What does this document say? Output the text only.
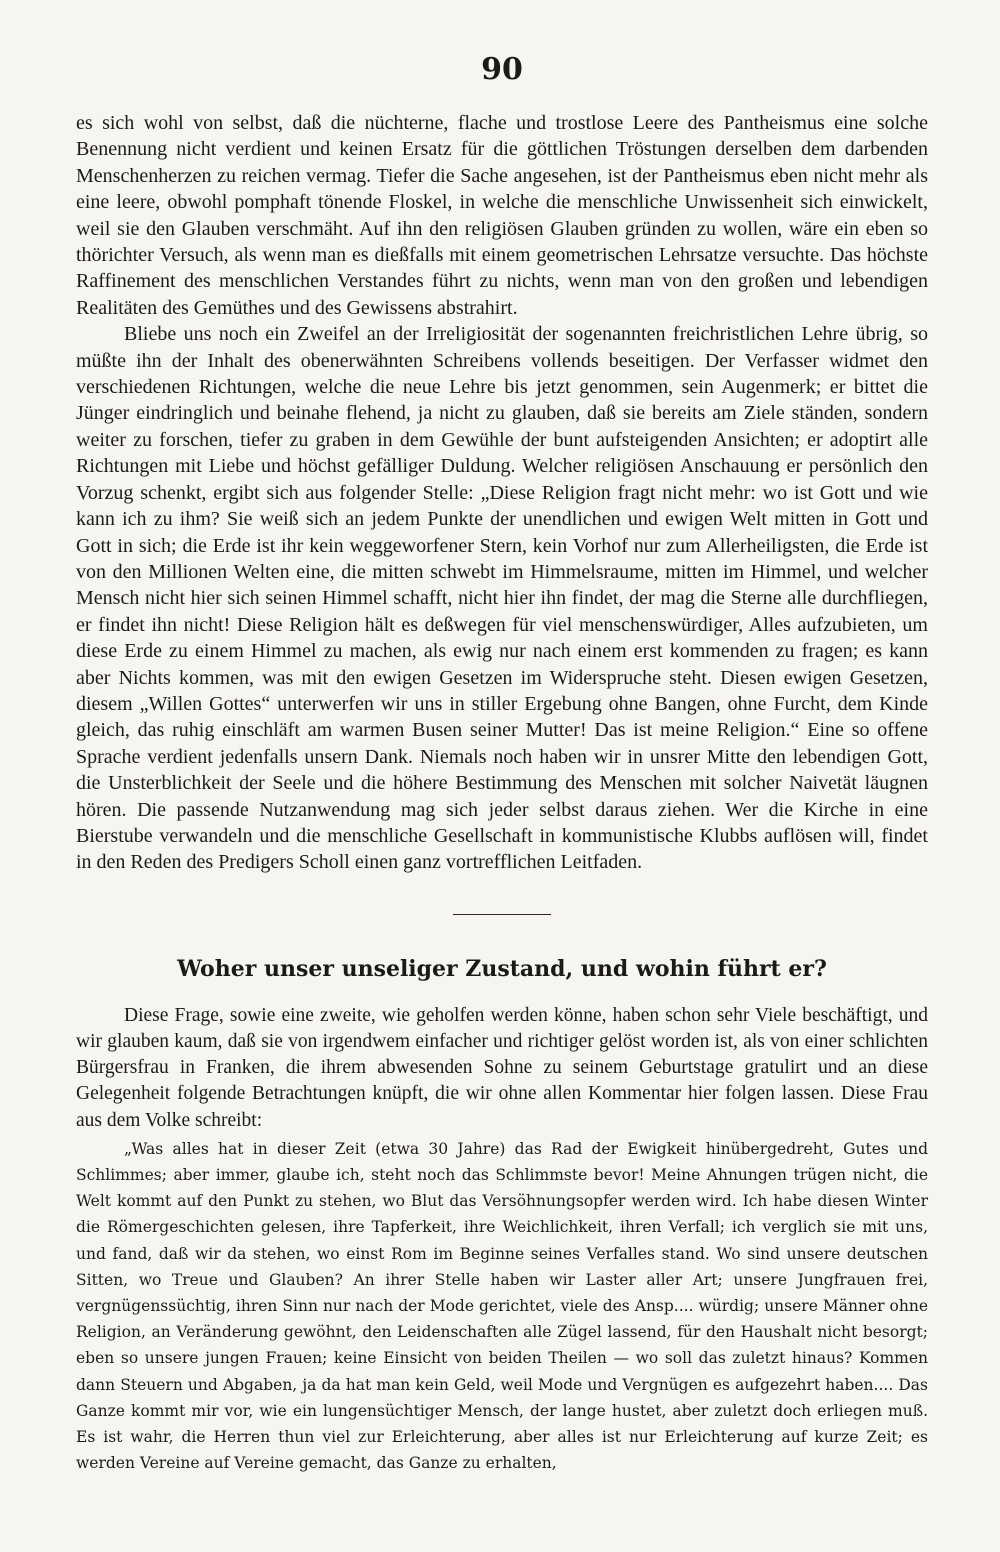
90

es sich wohl von selbst, daß die nüchterne, flache und trostlose Leere des Pantheismus eine solche Benennung nicht verdient und keinen Ersatz für die göttlichen Tröstungen derselben dem darbenden Menschenherzen zu reichen vermag. Tiefer die Sache angesehen, ist der Pantheismus eben nicht mehr als eine leere, obwohl pomphaft tönende Floskel, in welche die menschliche Unwissenheit sich einwickelt, weil sie den Glauben verschmäht. Auf ihn den religiösen Glauben gründen zu wollen, wäre ein eben so thörichter Versuch, als wenn man es dießfalls mit einem geometrischen Lehrsatze versuchte. Das höchste Raffinement des menschlichen Verstandes führt zu nichts, wenn man von den großen und lebendigen Realitäten des Gemüthes und des Gewissens abstrahirt.

Bliebe uns noch ein Zweifel an der Irreligiosität der sogenannten freichristlichen Lehre übrig, so müßte ihn der Inhalt des obenerwähnten Schreibens vollends beseitigen. Der Verfasser widmet den verschiedenen Richtungen, welche die neue Lehre bis jetzt genommen, sein Augenmerk; er bittet die Jünger eindringlich und beinahe flehend, ja nicht zu glauben, daß sie bereits am Ziele ständen, sondern weiter zu forschen, tiefer zu graben in dem Gewühle der bunt aufsteigenden Ansichten; er adoptirt alle Richtungen mit Liebe und höchst gefälliger Duldung. Welcher religiösen Anschauung er persönlich den Vorzug schenkt, ergibt sich aus folgender Stelle: „Diese Religion fragt nicht mehr: wo ist Gott und wie kann ich zu ihm? Sie weiß sich an jedem Punkte der unendlichen und ewigen Welt mitten in Gott und Gott in sich; die Erde ist ihr kein weggeworfener Stern, kein Vorhof nur zum Allerheiligsten, die Erde ist von den Millionen Welten eine, die mitten schwebt im Himmelsraume, mitten im Himmel, und welcher Mensch nicht hier sich seinen Himmel schafft, nicht hier ihn findet, der mag die Sterne alle durchfliegen, er findet ihn nicht! Diese Religion hält es deßwegen für viel menschenswürdiger, Alles aufzubieten, um diese Erde zu einem Himmel zu machen, als ewig nur nach einem erst kommenden zu fragen; es kann aber Nichts kommen, was mit den ewigen Gesetzen im Widerspruche steht. Diesen ewigen Gesetzen, diesem „Willen Gottes“ unterwerfen wir uns in stiller Ergebung ohne Bangen, ohne Furcht, dem Kinde gleich, das ruhig einschläft am warmen Busen seiner Mutter! Das ist meine Religion.“ Eine so offene Sprache verdient jedenfalls unsern Dank. Niemals noch haben wir in unsrer Mitte den lebendigen Gott, die Unsterblichkeit der Seele und die höhere Bestimmung des Menschen mit solcher Naivetät läugnen hören. Die passende Nutzanwendung mag sich jeder selbst daraus ziehen. Wer die Kirche in eine Bierstube verwandeln und die menschliche Gesellschaft in kommunistische Klubbs auflösen will, findet in den Reden des Predigers Scholl einen ganz vortrefflichen Leitfaden.

Woher unser unseliger Zustand, und wohin führt er?

Diese Frage, sowie eine zweite, wie geholfen werden könne, haben schon sehr Viele beschäftigt, und wir glauben kaum, daß sie von irgendwem einfacher und richtiger gelöst worden ist, als von einer schlichten Bürgersfrau in Franken, die ihrem abwesenden Sohne zu seinem Geburtstage gratulirt und an diese Gelegenheit folgende Betrachtungen knüpft, die wir ohne allen Kommentar hier folgen lassen. Diese Frau aus dem Volke schreibt:

„Was alles hat in dieser Zeit (etwa 30 Jahre) das Rad der Ewigkeit hinübergedreht, Gutes und Schlimmes; aber immer, glaube ich, steht noch das Schlimmste bevor! Meine Ahnungen trügen nicht, die Welt kommt auf den Punkt zu stehen, wo Blut das Versöhnungsopfer werden wird. Ich habe diesen Winter die Römergeschichten gelesen, ihre Tapferkeit, ihre Weichlichkeit, ihren Verfall; ich verglich sie mit uns, und fand, daß wir da stehen, wo einst Rom im Beginne seines Verfalles stand. Wo sind unsere deutschen Sitten, wo Treue und Glauben? An ihrer Stelle haben wir Laster aller Art; unsere Jungfrauen frei, vergnügenssüchtig, ihren Sinn nur nach der Mode gerichtet, viele des Ansp.... würdig; unsere Männer ohne Religion, an Veränderung gewöhnt, den Leidenschaften alle Zügel lassend, für den Haushalt nicht besorgt; eben so unsere jungen Frauen; keine Einsicht von beiden Theilen — wo soll das zuletzt hinaus? Kommen dann Steuern und Abgaben, ja da hat man kein Geld, weil Mode und Vergnügen es aufgezehrt haben.... Das Ganze kommt mir vor, wie ein lungensüchtiger Mensch, der lange hustet, aber zuletzt doch erliegen muß. Es ist wahr, die Herren thun viel zur Erleichterung, aber alles ist nur Erleichterung auf kurze Zeit; es werden Vereine auf Vereine gemacht, das Ganze zu erhalten,
